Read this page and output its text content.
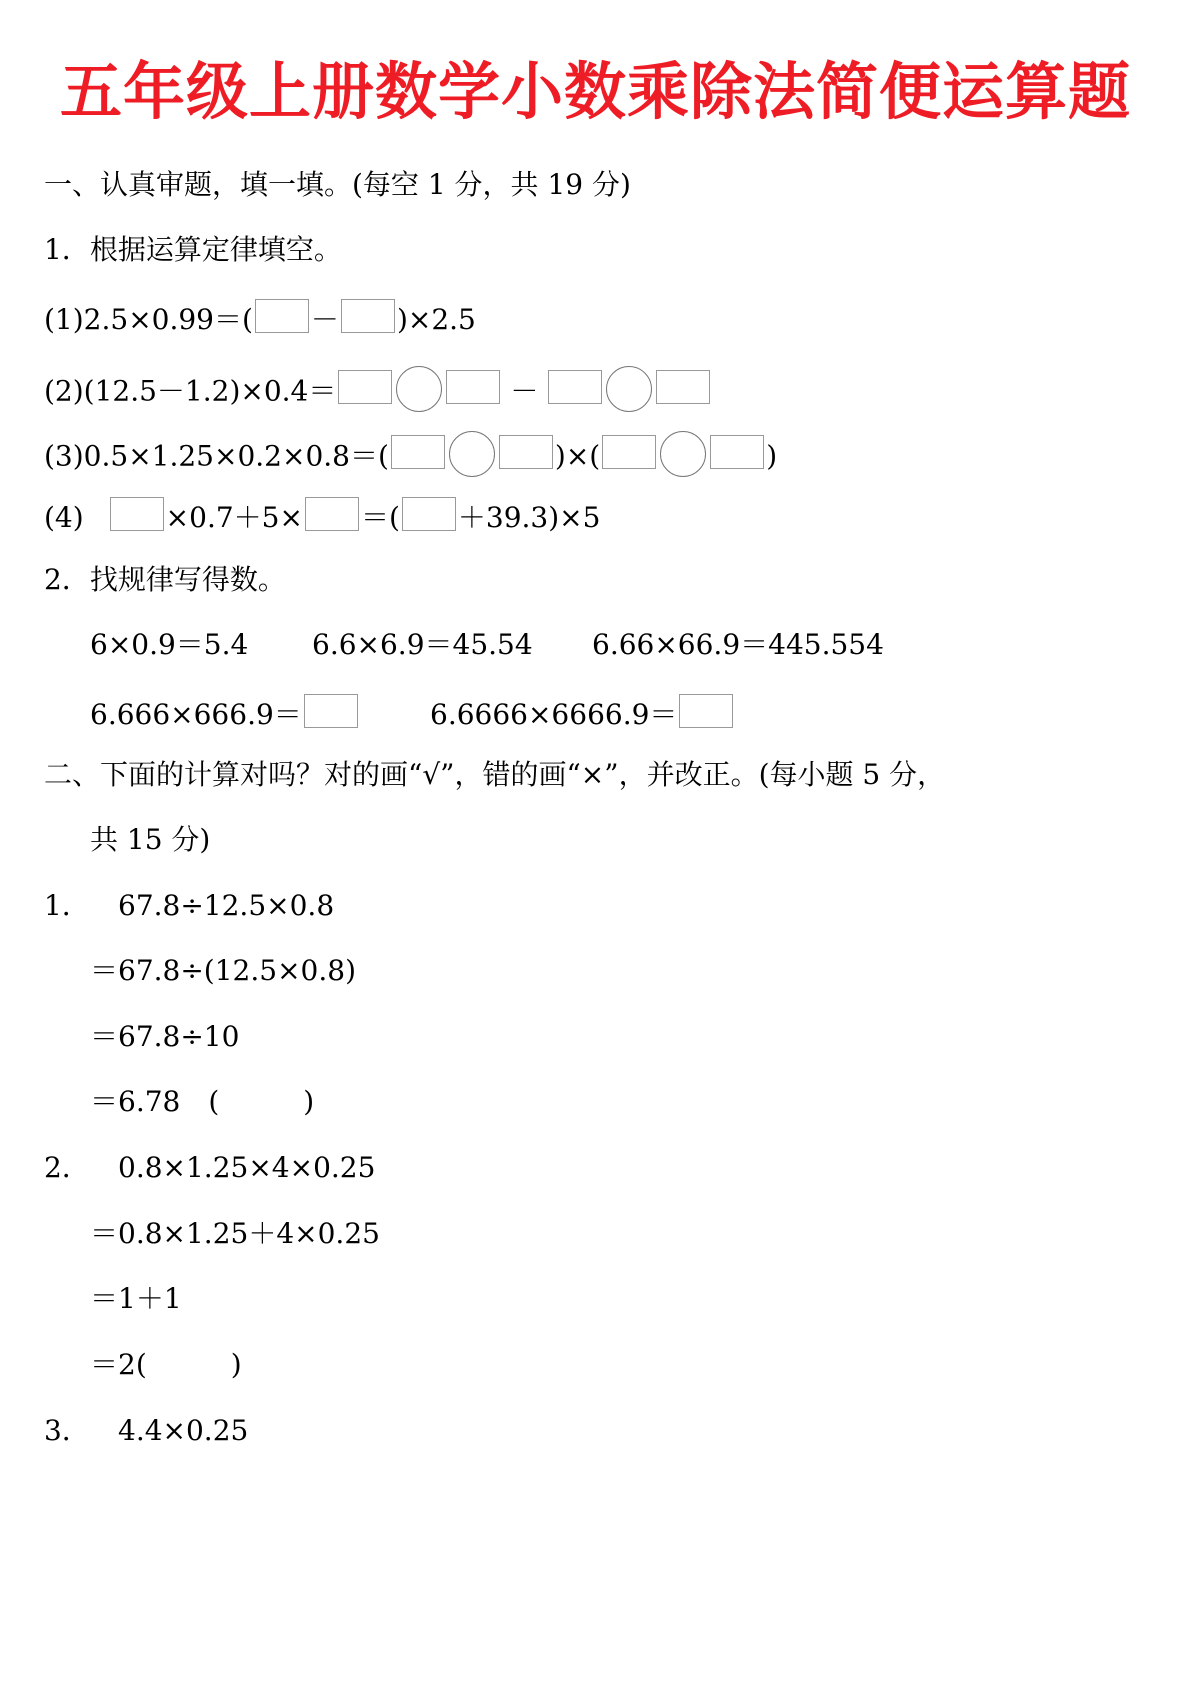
五年级上册数学小数乘除法简便运算题
一、认真审题，填一填。(每空 1 分，共 19 分)
1．根据运算定律填空。
(1)2.5×0.99＝( － )×2.5
(2)(12.5－1.2)×0.4＝	－
(3)0.5×1.25×0.2×0.8＝(	)×(	)
(4)	×0.7＋5× ＝( ＋39.3)×5
2．找规律写得数。
6×0.9＝5.4 6.6×6.9＝45.54 6.66×66.9＝445.554
6.666×666.9＝	6.6666×6666.9＝
二、下面的计算对吗？对的画“√”，错的画“×”，并改正。(每小题 5 分，
共 15 分)
1． 67.8÷12.5×0.8
＝67.8÷(12.5×0.8)
＝67.8÷10
＝6.78　(　　　)
2． 0.8×1.25×4×0.25
＝0.8×1.25＋4×0.25
＝1＋1
＝2(　　　)
3． 4.4×0.25
